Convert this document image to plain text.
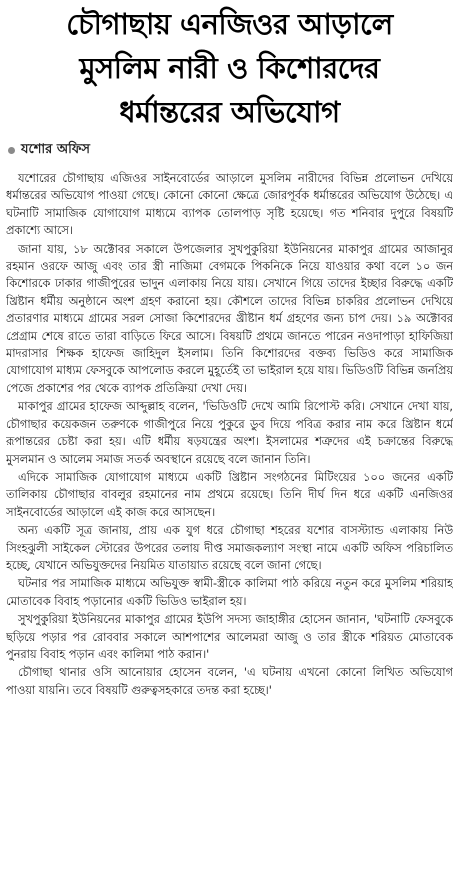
চৌগাছায় এনজিওর আড়ালে
মুসলিম নারী ও কিশোরদের
ধর্মান্তরের অভিযোগ
যশোর অফিস

যশোরের চৌগাছায় এজিওর সাইনবোর্ডের আড়ালে মুসলিম নারীদের বিভিন্ন প্রলোভন দেখিয়ে ধর্মান্তরের অভিযোগ পাওয়া গেছে। কোনো কোনো ক্ষেত্রে জোরপূর্বক ধর্মান্তরের অভিযোগ উঠেছে। এ ঘটনাটি সামাজিক যোগাযোগ মাধ্যমে ব্যাপক তোলপাড় সৃষ্টি হয়েছে। গত শনিবার দুপুরে বিষয়টি প্রকাশ্যে আসে।

জানা যায়, ১৮ অক্টোবর সকালে উপজেলার সুখপুকুরিয়া ইউনিয়নের মাকাপুর গ্রামের আজানুর রহমান ওরফে আজু এবং তার স্ত্রী নাজিমা বেগমকে পিকনিকে নিয়ে যাওয়ার কথা বলে ১০ জন কিশোরকে ঢাকার গাজীপুরের ভাদুন এলাকায় নিয়ে যায়। সেখানে গিয়ে তাদের ইচ্ছার বিরুদ্ধে একটি খ্রিষ্টান ধর্মীয় অনুষ্ঠানে অংশ গ্রহণ করানো হয়। কৌশলে তাদের বিভিন্ন চাকরির প্রলোভন দেখিয়ে প্রতারণার মাধ্যমে গ্রামের সরল সোজা কিশোরদের খ্রীষ্টান ধর্ম গ্রহণের জন্য চাপ দেয়। ১৯ অক্টোবর প্রেগ্রাম শেষে রাতে তারা বাড়িতে ফিরে আসে। বিষয়টি প্রথমে জানতে পারেন নওদাপাড়া হাফিজিয়া মাদরাসার শিক্ষক হাফেজ জাহিদুল ইসলাম। তিনি কিশোরদের বক্তব্য ভিডিও করে সামাজিক যোগাযোগ মাধ্যম ফেসবুকে আপলোড করলে মুহূর্তেই তা ভাইরাল হয়ে যায়। ভিডিওটি বিভিন্ন জনপ্রিয় পেজে প্রকাশের পর থেকে ব্যাপক প্রতিক্রিয়া দেখা দেয়।

মাকাপুর গ্রামের হাফেজ আব্দুল্লাহ বলেন, 'ভিডিওটি দেখে আমি রিপোস্ট করি। সেখানে দেখা যায়, চৌগাছার কয়েকজন তরুণকে গাজীপুরে নিয়ে পুকুরে ডুব দিয়ে পবিত্র করার নাম করে খ্রিষ্টান ধর্মে রূপান্তরের চেষ্টা করা হয়। এটি ধর্মীয় ষড়যন্ত্রের অংশ। ইসলামের শত্রুদের এই চক্রান্তের বিরুদ্ধে মুসলমান ও আলেম সমাজ সতর্ক অবস্থানে রয়েছে বলে জানান তিনি।

এদিকে সামাজিক যোগাযোগ মাধ্যমে একটি খ্রিষ্টান সংগঠনের মিটিংয়ের ১০০ জনের একটি তালিকায় চৌগাছার বাবলুর রহমানের নাম প্রথমে রয়েছে। তিনি দীর্ঘ দিন ধরে একটি এনজিওর সাইনবোর্ডের আড়ালে এই কাজ করে আসছেন।

অন্য একটি সূত্র জানায়, প্রায় এক যুগ ধরে চৌগাছা শহরের যশোর বাসস্ট্যান্ড এলাকায় নিউ সিংহঝুলী সাইকেল স্টোরের উপরের তলায় দীপ্ত সমাজকল্যাণ সংস্থা নামে একটি অফিস পরিচালিত হচ্ছে, যেখানে অভিযুক্তদের নিয়মিত যাতায়াত রয়েছে বলে জানা গেছে।

ঘটনার পর সামাজিক মাধ্যমে অভিযুক্ত স্বামী-স্ত্রীকে কালিমা পাঠ করিয়ে নতুন করে মুসলিম শরিয়াহ মোতাবেক বিবাহ পড়ানোর একটি ভিডিও ভাইরাল হয়।

সুখপুকুরিয়া ইউনিয়নের মাকাপুর গ্রামের ইউপি সদস্য জাহাঙ্গীর হোসেন জানান, 'ঘটনাটি ফেসবুকে ছড়িয়ে পড়ার পর রোববার সকালে আশপাশের আলেমরা আজু ও তার স্ত্রীকে শরিয়ত মোতাবেক পুনরায় বিবাহ পড়ান এবং কালিমা পাঠ করান।'

চৌগাছা থানার ওসি আনোয়ার হোসেন বলেন, 'এ ঘটনায় এখনো কোনো লিখিত অভিযোগ পাওয়া যায়নি। তবে বিষয়টি গুরুত্বসহকারে তদন্ত করা হচ্ছে।'
